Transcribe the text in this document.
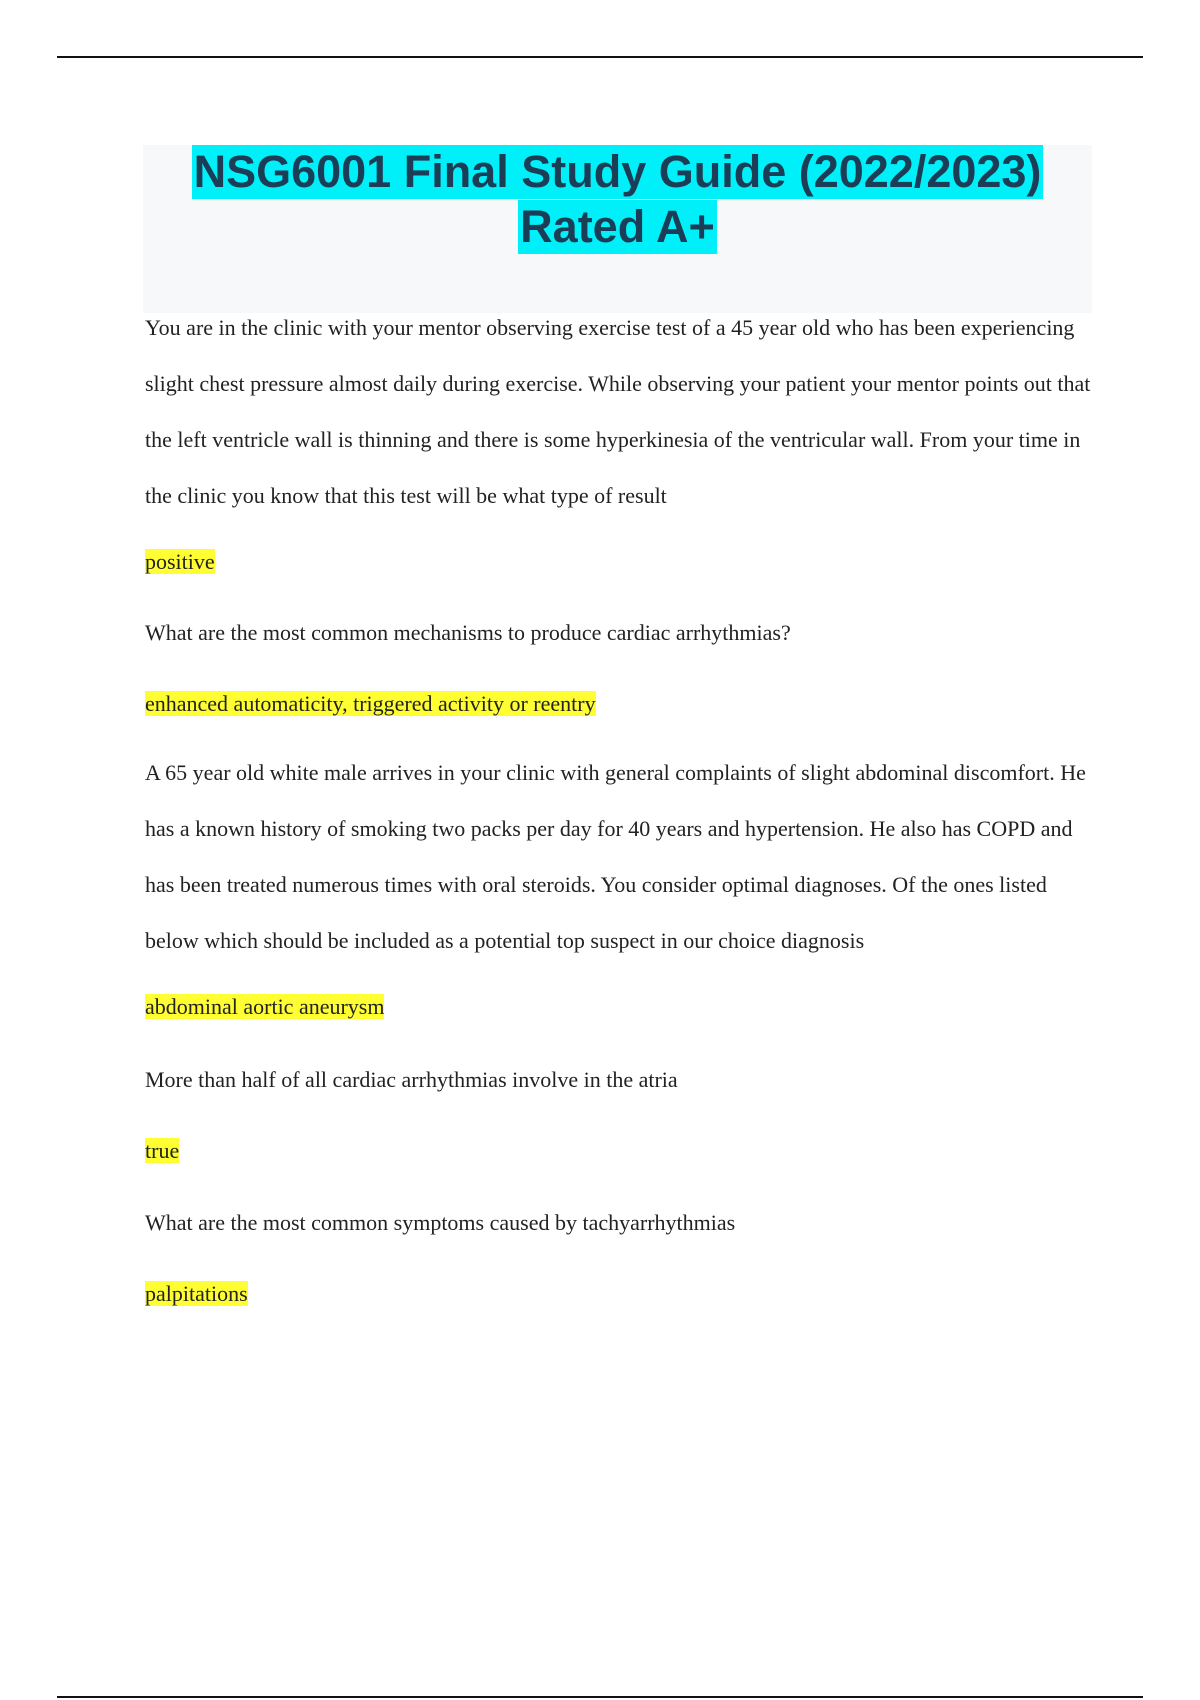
NSG6001 Final Study Guide (2022/2023)
Rated A+

You are in the clinic with your mentor observing exercise test of a 45 year old who has been experiencing slight chest pressure almost daily during exercise. While observing your patient your mentor points out that the left ventricle wall is thinning and there is some hyperkinesia of the ventricular wall. From your time in the clinic you know that this test will be what type of result

positive

What are the most common mechanisms to produce cardiac arrhythmias?

enhanced automaticity, triggered activity or reentry

A 65 year old white male arrives in your clinic with general complaints of slight abdominal discomfort. He has a known history of smoking two packs per day for 40 years and hypertension. He also has COPD and has been treated numerous times with oral steroids. You consider optimal diagnoses. Of the ones listed below which should be included as a potential top suspect in our choice diagnosis

abdominal aortic aneurysm

More than half of all cardiac arrhythmias involve in the atria

true

What are the most common symptoms caused by tachyarrhythmias

palpitations
